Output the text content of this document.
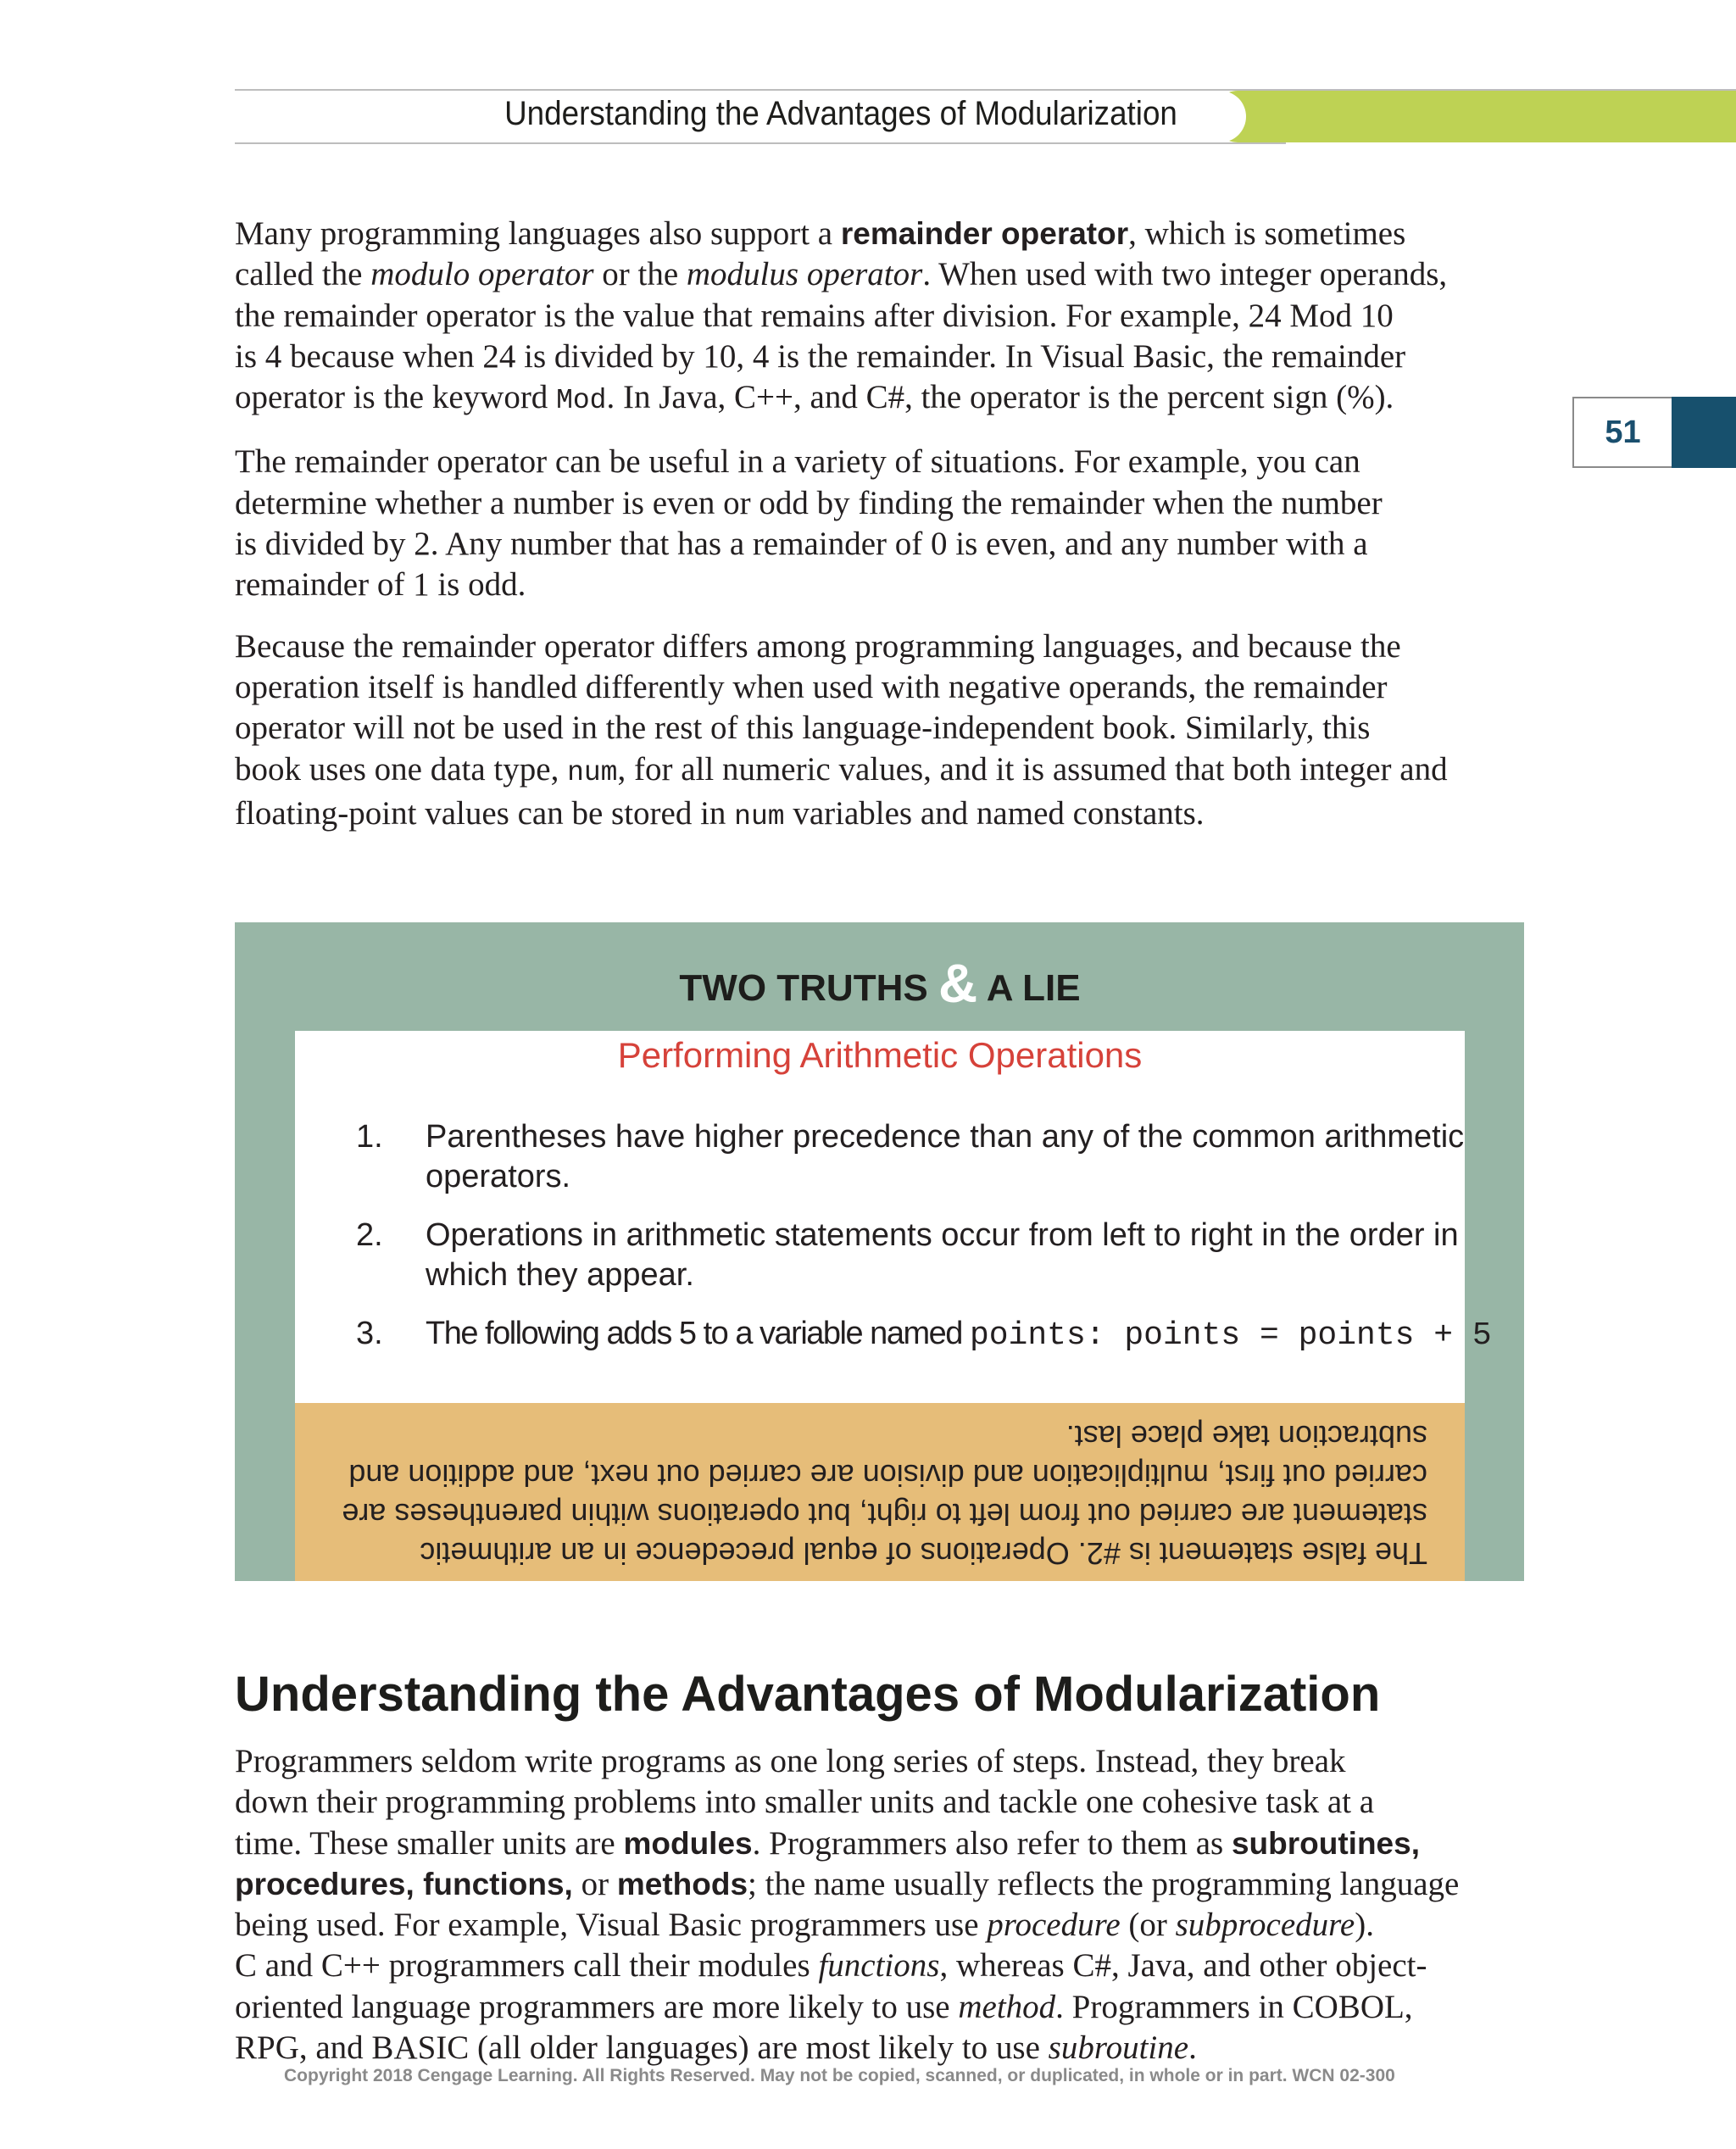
Understanding the Advantages of Modularization
51

Many programming languages also support a remainder operator, which is sometimes
called the modulo operator or the modulus operator. When used with two integer operands,
the remainder operator is the value that remains after division. For example, 24 Mod 10
is 4 because when 24 is divided by 10, 4 is the remainder. In Visual Basic, the remainder
operator is the keyword Mod. In Java, C++, and C#, the operator is the percent sign (%).

The remainder operator can be useful in a variety of situations. For example, you can
determine whether a number is even or odd by finding the remainder when the number
is divided by 2. Any number that has a remainder of 0 is even, and any number with a
remainder of 1 is odd.

Because the remainder operator differs among programming languages, and because the
operation itself is handled differently when used with negative operands, the remainder
operator will not be used in the rest of this language-independent book. Similarly, this
book uses one data type, num, for all numeric values, and it is assumed that both integer and
floating-point values can be stored in num variables and named constants.

TWO TRUTHS & A LIE
Performing Arithmetic Operations
1.	Parentheses have higher precedence than any of the common arithmetic
operators.
2.	Operations in arithmetic statements occur from left to right in the order in
which they appear.
3.	The following adds 5 to a variable named points: points = points + 5
The false statement is #2. Operations of equal precedence in an arithmetic
statement are carried out from left to right, but operations within parentheses are
carried out first, multiplication and division are carried out next, and addition and
subtraction take place last.
Understanding the Advantages of Modularization

Programmers seldom write programs as one long series of steps. Instead, they break
down their programming problems into smaller units and tackle one cohesive task at a
time. These smaller units are modules. Programmers also refer to them as subroutines,
procedures, functions, or methods; the name usually reflects the programming language
being used. For example, Visual Basic programmers use procedure (or subprocedure).
C and C++ programmers call their modules functions, whereas C#, Java, and other object-
oriented language programmers are more likely to use method. Programmers in COBOL,
RPG, and BASIC (all older languages) are most likely to use subroutine.

Copyright 2018 Cengage Learning. All Rights Reserved. May not be copied, scanned, or duplicated, in whole or in part. WCN 02-300
